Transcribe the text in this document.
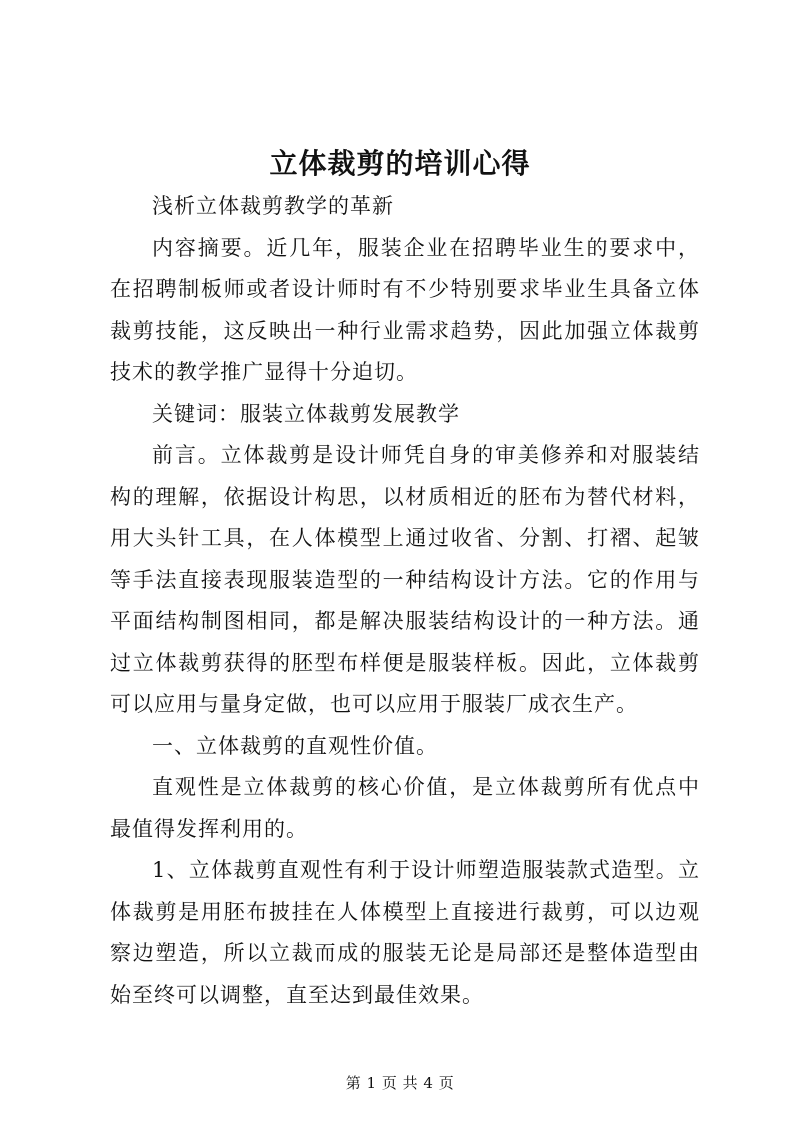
立体裁剪的培训心得

浅析立体裁剪教学的革新

内容摘要。近几年，服装企业在招聘毕业生的要求中，在招聘制板师或者设计师时有不少特别要求毕业生具备立体裁剪技能，这反映出一种行业需求趋势，因此加强立体裁剪技术的教学推广显得十分迫切。

关键词：服装立体裁剪发展教学

前言。立体裁剪是设计师凭自身的审美修养和对服装结构的理解，依据设计构思，以材质相近的胚布为替代材料，用大头针工具，在人体模型上通过收省、分割、打褶、起皱等手法直接表现服装造型的一种结构设计方法。它的作用与平面结构制图相同，都是解决服装结构设计的一种方法。通过立体裁剪获得的胚型布样便是服装样板。因此，立体裁剪可以应用与量身定做，也可以应用于服装厂成衣生产。

一、立体裁剪的直观性价值。

直观性是立体裁剪的核心价值，是立体裁剪所有优点中最值得发挥利用的。

1、立体裁剪直观性有利于设计师塑造服装款式造型。立体裁剪是用胚布披挂在人体模型上直接进行裁剪，可以边观察边塑造，所以立裁而成的服装无论是局部还是整体造型由始至终可以调整，直至达到最佳效果。

第 1 页 共 4 页
